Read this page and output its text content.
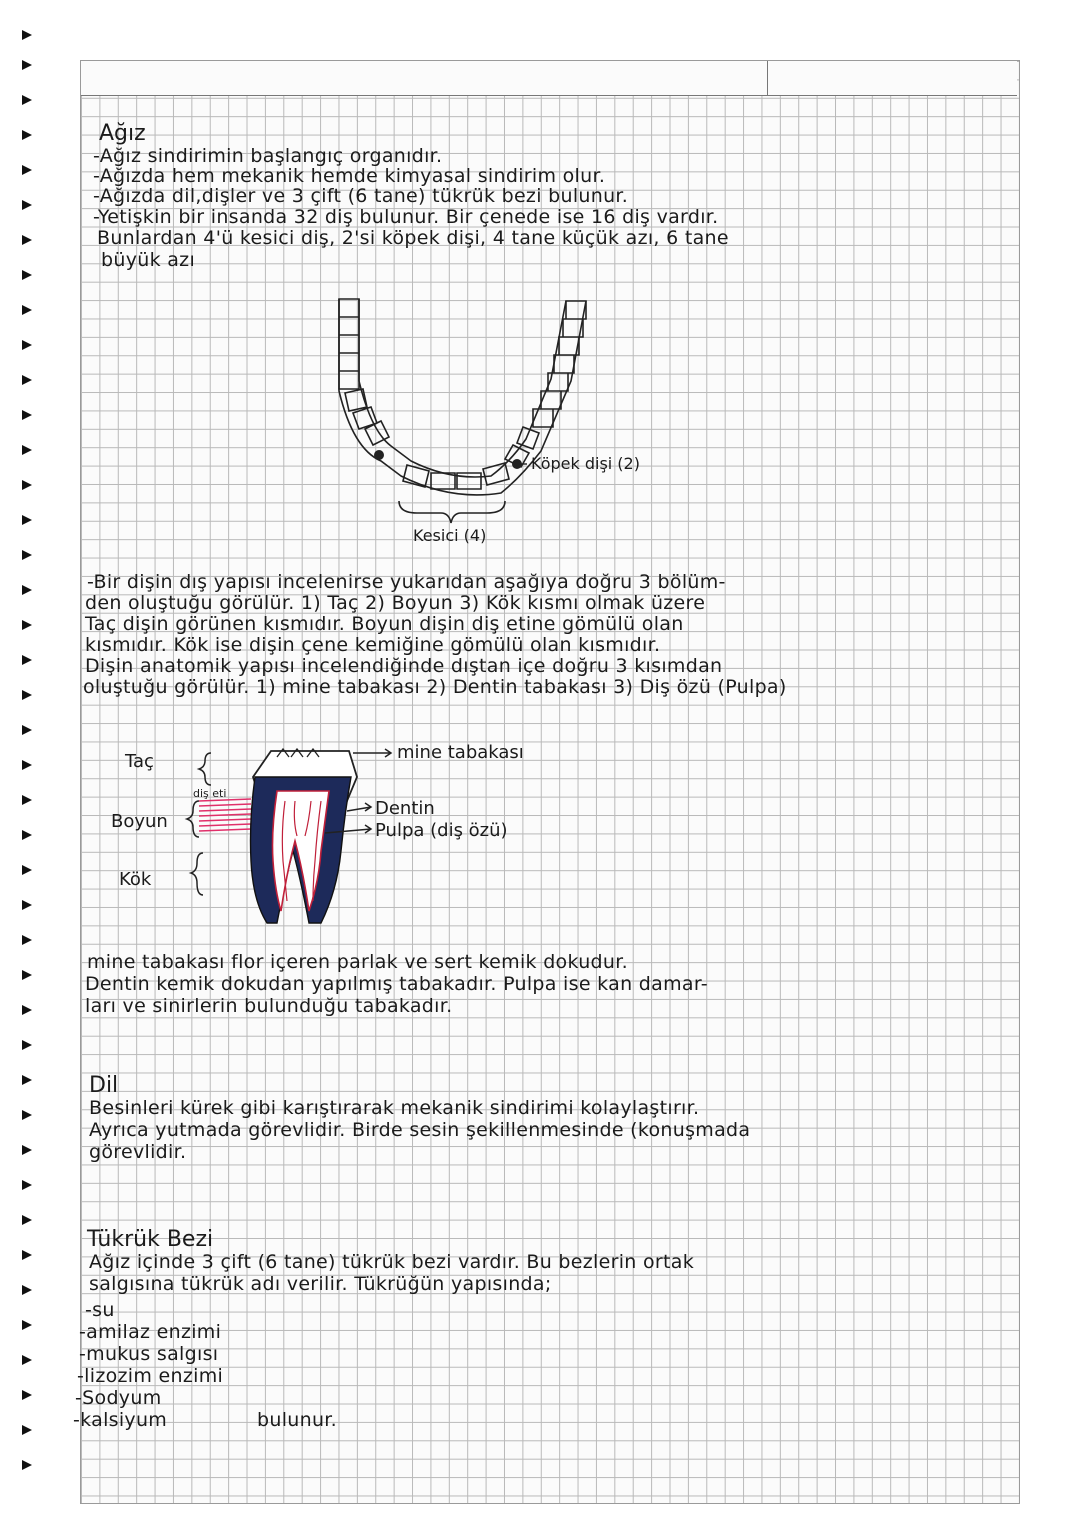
Ağız
-Ağız sindirimin başlangıç organıdır.
-Ağızda hem mekanik hemde kimyasal sindirim olur.
-Ağızda dil,dişler ve 3 çift (6 tane) tükrük bezi bulunur.
-Yetişkin bir insanda 32 diş bulunur. Bir çenede ise 16 diş vardır.
Bunlardan 4'ü kesici diş, 2'si köpek dişi, 4 tane küçük azı, 6 tane
büyük azı
Köpek dişi (2)
Kesici (4)
-Bir dişin dış yapısı incelenirse yukarıdan aşağıya doğru 3 bölüm-
den oluştuğu görülür. 1) Taç 2) Boyun 3) Kök kısmı olmak üzere
Taç dişin görünen kısmıdır. Boyun dişin diş etine gömülü olan
kısmıdır. Kök ise dişin çene kemiğine gömülü olan kısmıdır.
Dişin anatomik yapısı incelendiğinde dıştan içe doğru 3 kısımdan
oluştuğu görülür. 1) mine tabakası 2) Dentin tabakası 3) Diş özü (Pulpa)
Taç
Boyun
diş eti
Kök
mine tabakası
Dentin
Pulpa (diş özü)
mine tabakası flor içeren parlak ve sert kemik dokudur.
Dentin kemik dokudan yapılmış tabakadır. Pulpa ise kan damar-
ları ve sinirlerin bulunduğu tabakadır.
Dil
Besinleri kürek gibi karıştırarak mekanik sindirimi kolaylaştırır.
Ayrıca yutmada görevlidir. Birde sesin şekillenmesinde (konuşmada
görevlidir.
Tükrük Bezi
Ağız içinde 3 çift (6 tane) tükrük bezi vardır. Bu bezlerin ortak
salgısına tükrük adı verilir. Tükrüğün yapısında;
-su
-amilaz enzimi
-mukus salgısı
-lizozim enzimi
-Sodyum
-kalsiyum	bulunur.
